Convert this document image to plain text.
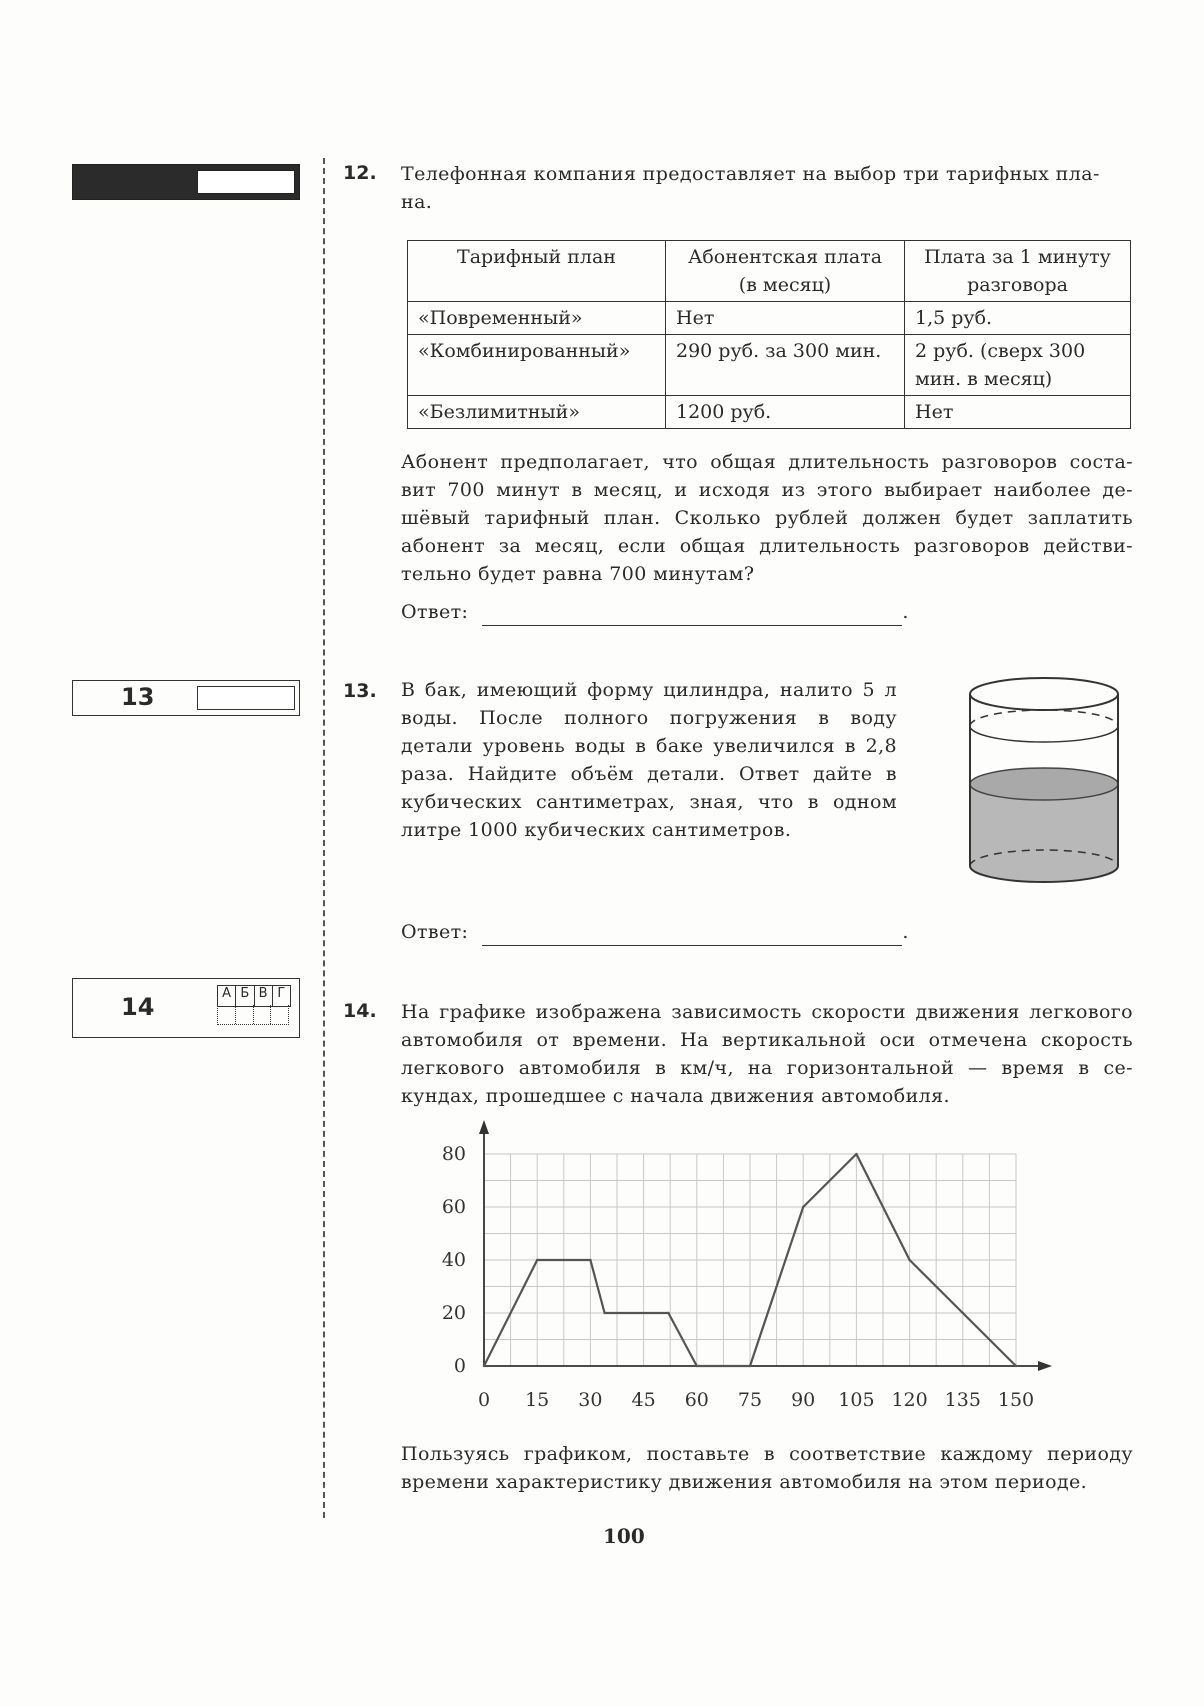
12. Телефонная компания предоставляет на выбор три тарифных пла-
на.
Тарифный план	Абонентская плата (в месяц)	Плата за 1 минуту разговора
«Повременный»	Нет	1,5 руб.
«Комбинированный»	290 руб. за 300 мин.	2 руб. (сверх 300 мин. в месяц)
«Безлимитный»	1200 руб.	Нет
Абонент предполагает, что общая длительность разговоров соста- вит 700 минут в месяц, и исходя из этого выбирает наиболее де- шёвый тарифный план. Сколько рублей должен будет заплатить абонент за месяц, если общая длительность разговоров действи- тельно будет равна 700 минутам?
Ответ:	.
13	13. В бак, имеющий форму цилиндра, налито 5 л воды. После полного погружения в воду детали уровень воды в баке увеличился в 2,8 раза. Найдите объём детали. Ответ дайте в кубических сантиметрах, зная, что в одном литре 1000 кубических сантиметров.
Ответ:	.
14	А Б В Г
14. На графике изображена зависимость скорости движения легкового автомобиля от времени. На вертикальной оси отмечена скорость легкового автомобиля в км/ч, на горизонтальной — время в се- кундах, прошедшее с начала движения автомобиля.
0 15 30 45 60 75 90 105 120 135 150
0
20
40
60
80
Пользуясь графиком, поставьте в соответствие каждому периоду времени характеристику движения автомобиля на этом периоде.
100
